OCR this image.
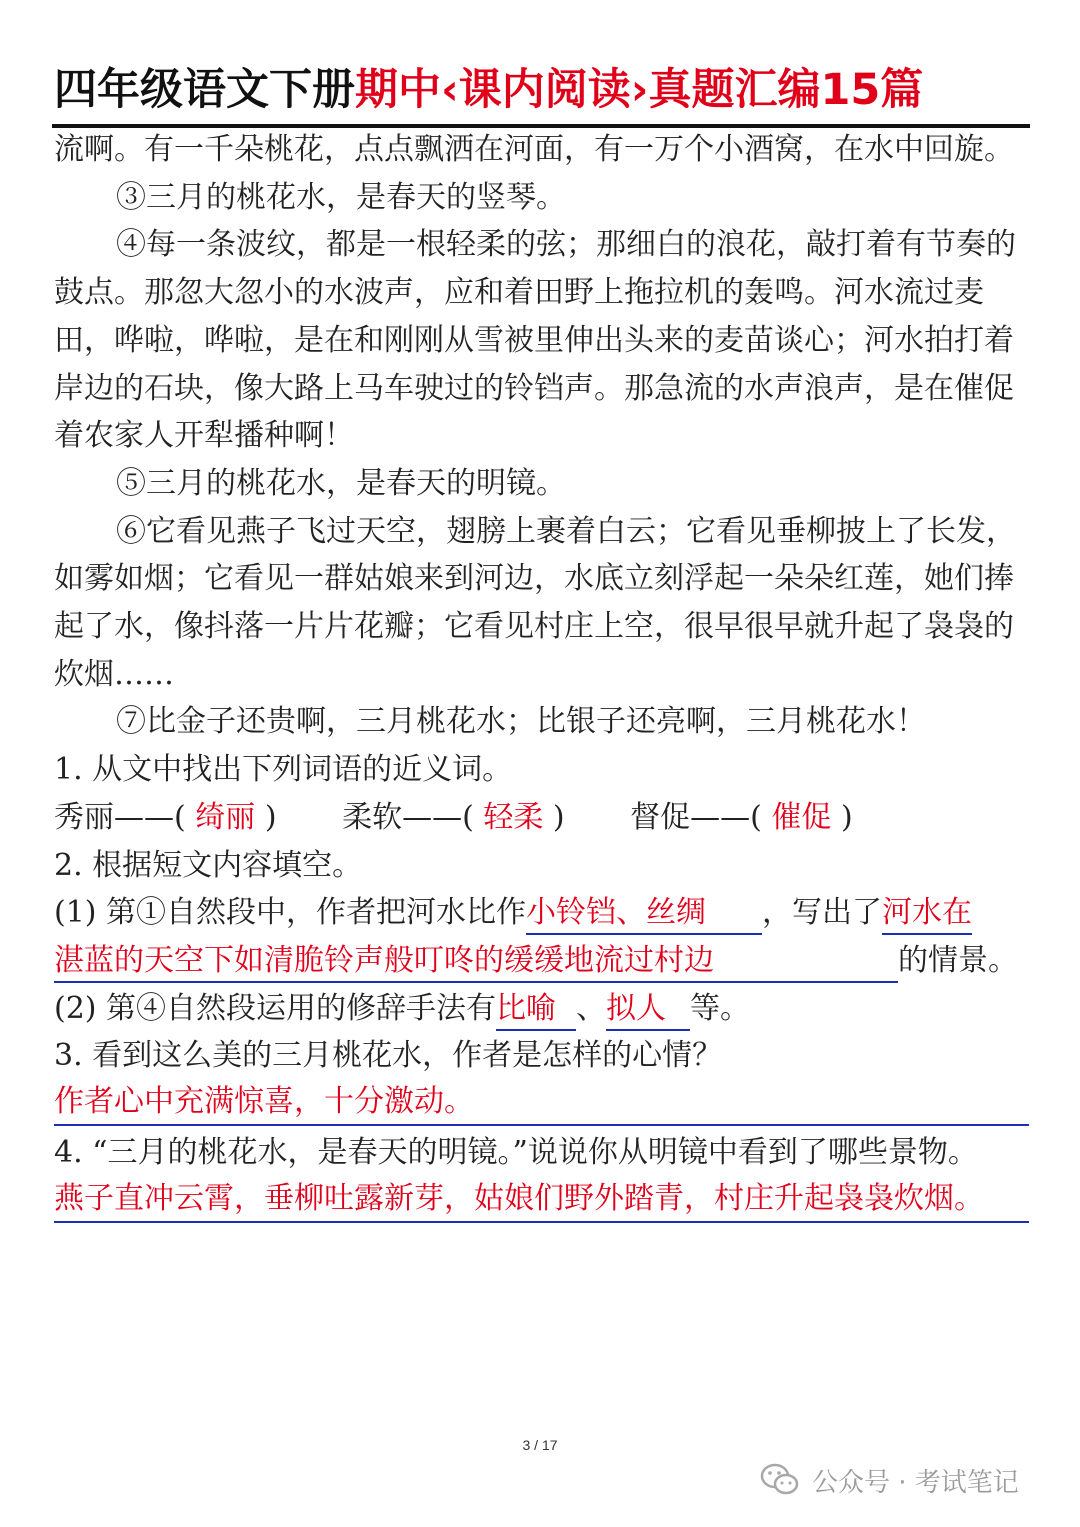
四年级语文下册期中‹课内阅读›真题汇编15篇

流啊。有一千朵桃花，点点飘洒在河面，有一万个小酒窝，在水中回旋。

③三月的桃花水，是春天的竖琴。

④每一条波纹，都是一根轻柔的弦；那细白的浪花，敲打着有节奏的鼓点。那忽大忽小的水波声，应和着田野上拖拉机的轰鸣。河水流过麦田，哗啦，哗啦，是在和刚刚从雪被里伸出头来的麦苗谈心；河水拍打着岸边的石块，像大路上马车驶过的铃铛声。那急流的水声浪声，是在催促着农家人开犁播种啊！

⑤三月的桃花水，是春天的明镜。

⑥它看见燕子飞过天空，翅膀上裹着白云；它看见垂柳披上了长发，如雾如烟；它看见一群姑娘来到河边，水底立刻浮起一朵朵红莲，她们捧起了水，像抖落一片片花瓣；它看见村庄上空，很早很早就升起了袅袅的炊烟……

⑦比金子还贵啊，三月桃花水；比银子还亮啊，三月桃花水！

1. 从文中找出下列词语的近义词。

秀丽——( 绮丽 ) 柔软——( 轻柔 ) 督促——( 催促 )

2. 根据短文内容填空。

(1) 第①自然段中，作者把河水比作小铃铛、丝绸 ，写出了河水在

湛蓝的天空下如清脆铃声般叮咚的缓缓地流过村边	的情景。

(2) 第④自然段运用的修辞手法有比喻 、拟人 等。

3. 看到这么美的三月桃花水，作者是怎样的心情？

作者心中充满惊喜，十分激动。

4. “三月的桃花水，是春天的明镜。”说说你从明镜中看到了哪些景物。

燕子直冲云霄，垂柳吐露新芽，姑娘们野外踏青，村庄升起袅袅炊烟。
3 / 17
公众号 · 考试笔记
